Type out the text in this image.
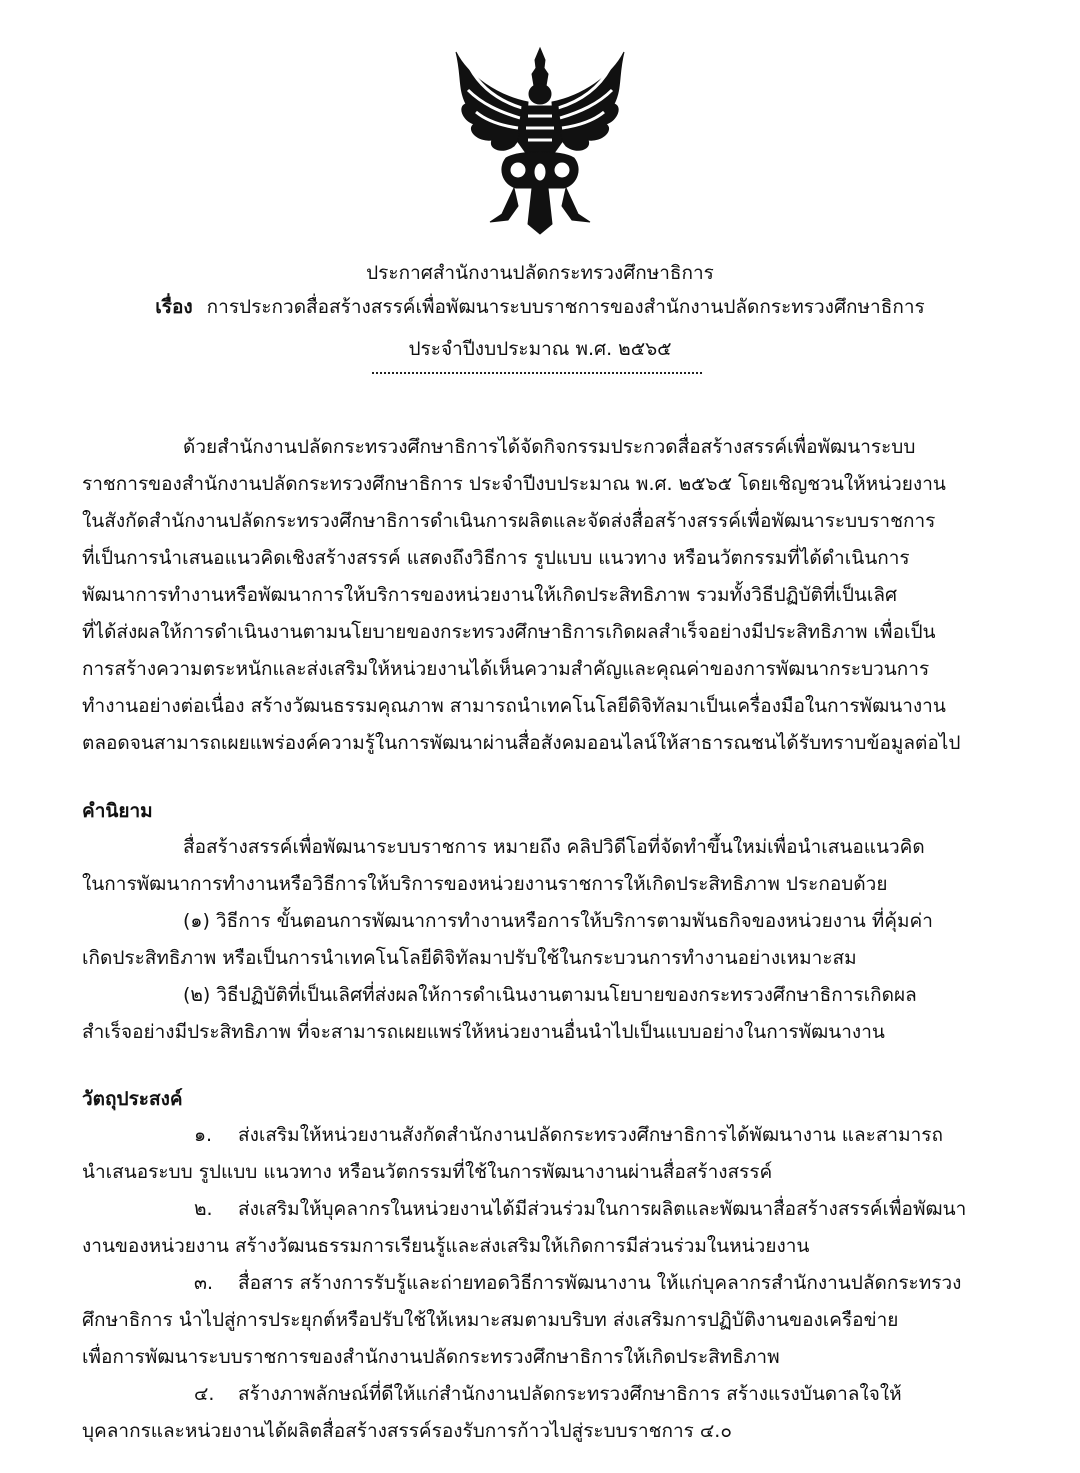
ประกาศสำนักงานปลัดกระทรวงศึกษาธิการ
เรื่อง การประกวดสื่อสร้างสรรค์เพื่อพัฒนาระบบราชการของสำนักงานปลัดกระทรวงศึกษาธิการ
ประจำปีงบประมาณ พ.ศ. ๒๕๖๕
ด้วยสำนักงานปลัดกระทรวงศึกษาธิการได้จัดกิจกรรมประกวดสื่อสร้างสรรค์เพื่อพัฒนาระบบ
ราชการของสำนักงานปลัดกระทรวงศึกษาธิการ ประจำปีงบประมาณ พ.ศ. ๒๕๖๕ โดยเชิญชวนให้หน่วยงาน
ในสังกัดสำนักงานปลัดกระทรวงศึกษาธิการดำเนินการผลิตและจัดส่งสื่อสร้างสรรค์เพื่อพัฒนาระบบราชการ
ที่เป็นการนำเสนอแนวคิดเชิงสร้างสรรค์ แสดงถึงวิธีการ รูปแบบ แนวทาง หรือนวัตกรรมที่ได้ดำเนินการ
พัฒนาการทำงานหรือพัฒนาการให้บริการของหน่วยงานให้เกิดประสิทธิภาพ รวมทั้งวิธีปฏิบัติที่เป็นเลิศ
ที่ได้ส่งผลให้การดำเนินงานตามนโยบายของกระทรวงศึกษาธิการเกิดผลสำเร็จอย่างมีประสิทธิภาพ เพื่อเป็น
การสร้างความตระหนักและส่งเสริมให้หน่วยงานได้เห็นความสำคัญและคุณค่าของการพัฒนากระบวนการ
ทำงานอย่างต่อเนื่อง สร้างวัฒนธรรมคุณภาพ สามารถนำเทคโนโลยีดิจิทัลมาเป็นเครื่องมือในการพัฒนางาน
ตลอดจนสามารถเผยแพร่องค์ความรู้ในการพัฒนาผ่านสื่อสังคมออนไลน์ให้สาธารณชนได้รับทราบข้อมูลต่อไป
คำนิยาม
สื่อสร้างสรรค์เพื่อพัฒนาระบบราชการ หมายถึง คลิปวิดีโอที่จัดทำขึ้นใหม่เพื่อนำเสนอแนวคิด
ในการพัฒนาการทำงานหรือวิธีการให้บริการของหน่วยงานราชการให้เกิดประสิทธิภาพ ประกอบด้วย
(๑) วิธีการ ขั้นตอนการพัฒนาการทำงานหรือการให้บริการตามพันธกิจของหน่วยงาน ที่คุ้มค่า
เกิดประสิทธิภาพ หรือเป็นการนำเทคโนโลยีดิจิทัลมาปรับใช้ในกระบวนการทำงานอย่างเหมาะสม
(๒) วิธีปฏิบัติที่เป็นเลิศที่ส่งผลให้การดำเนินงานตามนโยบายของกระทรวงศึกษาธิการเกิดผล
สำเร็จอย่างมีประสิทธิภาพ ที่จะสามารถเผยแพร่ให้หน่วยงานอื่นนำไปเป็นแบบอย่างในการพัฒนางาน
วัตถุประสงค์
๑. ส่งเสริมให้หน่วยงานสังกัดสำนักงานปลัดกระทรวงศึกษาธิการได้พัฒนางาน และสามารถ
นำเสนอระบบ รูปแบบ แนวทาง หรือนวัตกรรมที่ใช้ในการพัฒนางานผ่านสื่อสร้างสรรค์
๒. ส่งเสริมให้บุคลากรในหน่วยงานได้มีส่วนร่วมในการผลิตและพัฒนาสื่อสร้างสรรค์เพื่อพัฒนา
งานของหน่วยงาน สร้างวัฒนธรรมการเรียนรู้และส่งเสริมให้เกิดการมีส่วนร่วมในหน่วยงาน
๓. สื่อสาร สร้างการรับรู้และถ่ายทอดวิธีการพัฒนางาน ให้แก่บุคลากรสำนักงานปลัดกระทรวง
ศึกษาธิการ นำไปสู่การประยุกต์หรือปรับใช้ให้เหมาะสมตามบริบท ส่งเสริมการปฏิบัติงานของเครือข่าย
เพื่อการพัฒนาระบบราชการของสำนักงานปลัดกระทรวงศึกษาธิการให้เกิดประสิทธิภาพ
๔. สร้างภาพลักษณ์ที่ดีให้แก่สำนักงานปลัดกระทรวงศึกษาธิการ สร้างแรงบันดาลใจให้
บุคลากรและหน่วยงานได้ผลิตสื่อสร้างสรรค์รองรับการก้าวไปสู่ระบบราชการ ๔.๐
